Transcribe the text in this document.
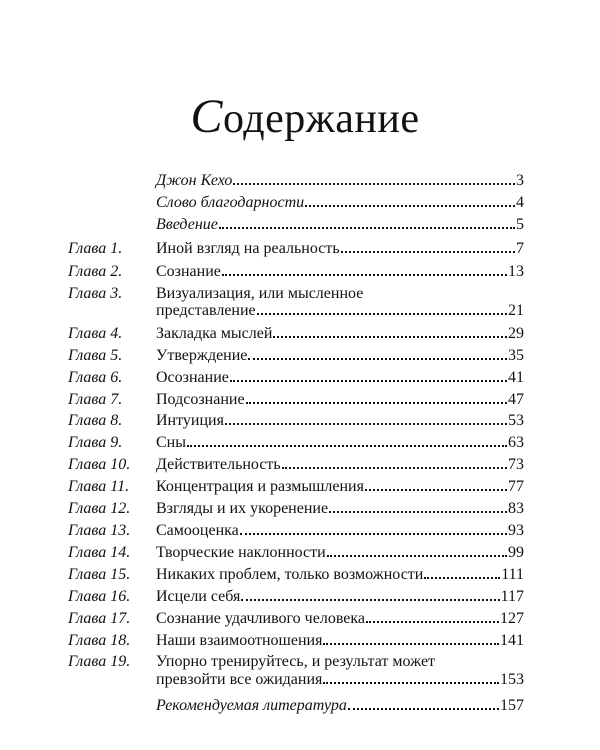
Содержание
Джон Кехо	3
Слово благодарности	4
Введение	5
Глава 1.	Иной взгляд на реальность	7
Глава 2.	Сознание	13
Глава 3.	Визуализация, или мысленное
представление	21
Глава 4.	Закладка мыслей	29
Глава 5.	Утверждение	35
Глава 6.	Осознание	41
Глава 7.	Подсознание	47
Глава 8.	Интуиция	53
Глава 9.	Сны	63
Глава 10.	Действительность	73
Глава 11.	Концентрация и размышления	77
Глава 12.	Взгляды и их укоренение	83
Глава 13.	Самооценка	93
Глава 14.	Творческие наклонности	99
Глава 15.	Никаких проблем, только возможности	111
Глава 16.	Исцели себя	117
Глава 17.	Сознание удачливого человека	127
Глава 18.	Наши взаимоотношения	141
Глава 19.	Упорно тренируйтесь, и результат может
превзойти все ожидания	153
Рекомендуемая литература	157
